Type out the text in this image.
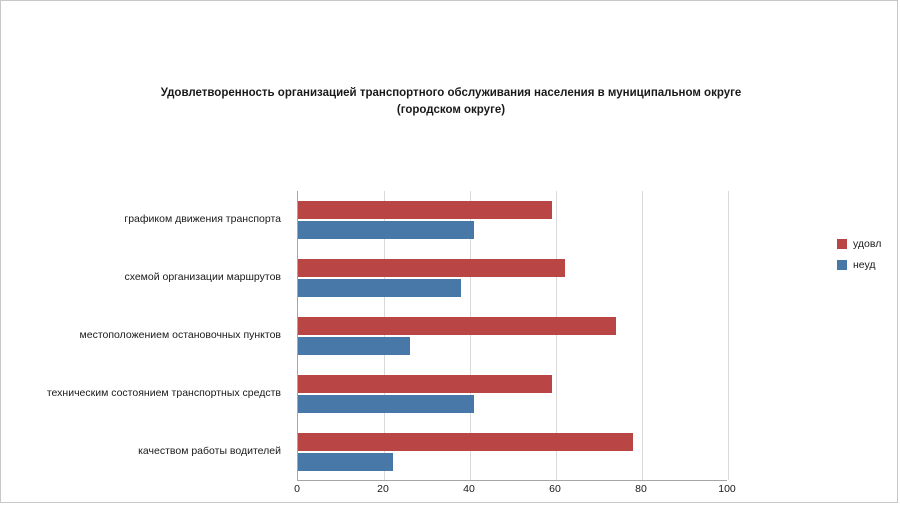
Удовлетворенность организацией транспортного обслуживания населения в муниципальном округе
(городском округе)
качеством работы водителей
техническим состоянием транспортных средств
местоположением остановочных пунктов
схемой организации маршрутов
графиком движения транспорта
0	20	40	60	80	100
удовл
неуд
